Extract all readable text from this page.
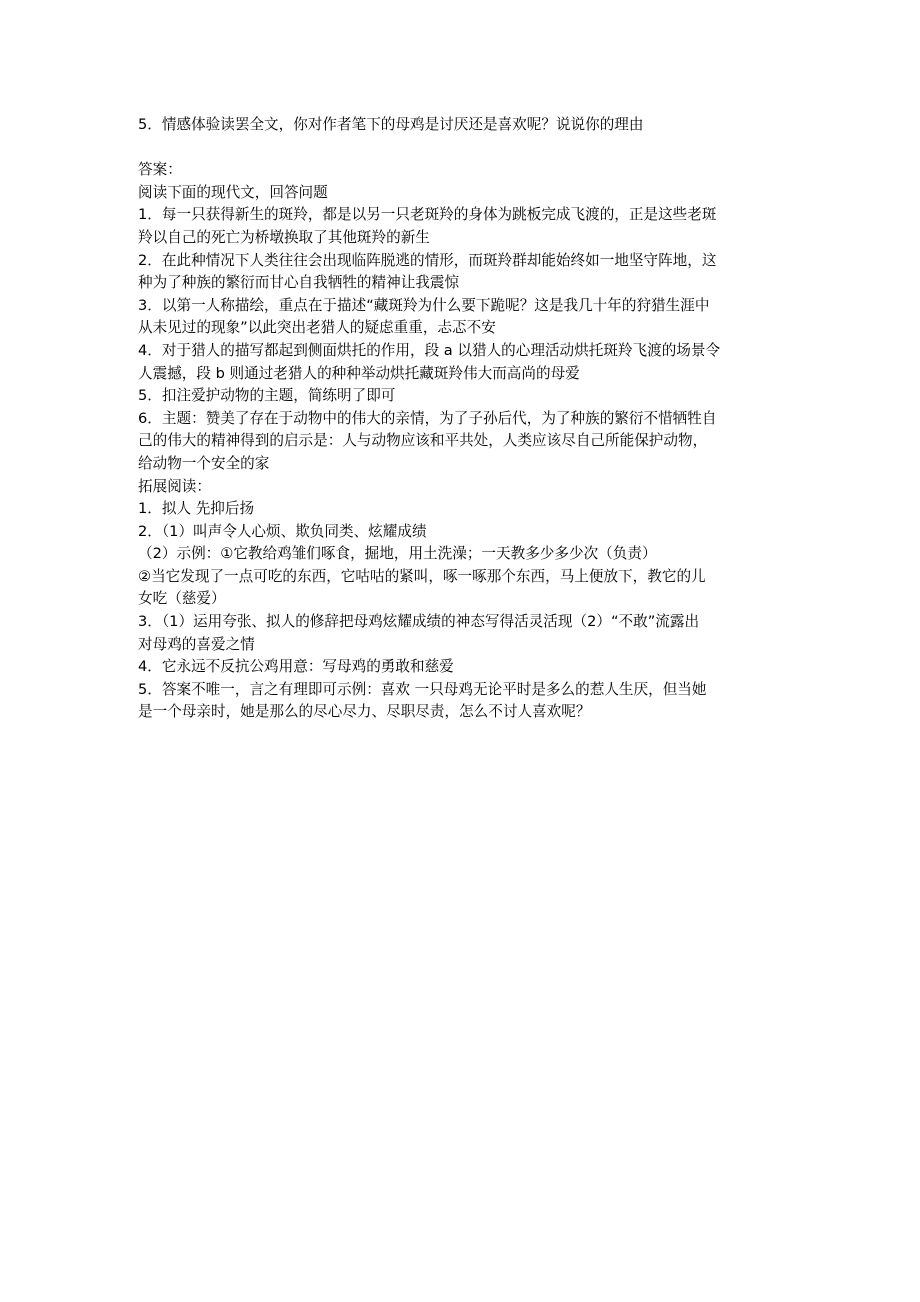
5．情感体验读罢全文，你对作者笔下的母鸡是讨厌还是喜欢呢？说说你的理由
答案：
阅读下面的现代文，回答问题
1．每一只获得新生的斑羚，都是以另一只老斑羚的身体为跳板完成飞渡的，正是这些老斑
羚以自己的死亡为桥墩换取了其他斑羚的新生
2．在此种情况下人类往往会出现临阵脱逃的情形，而斑羚群却能始终如一地坚守阵地，这
种为了种族的繁衍而甘心自我牺牲的精神让我震惊
3．以第一人称描绘，重点在于描述“藏斑羚为什么要下跪呢？这是我几十年的狩猎生涯中
从未见过的现象”以此突出老猎人的疑虑重重，忐忑不安
4．对于猎人的描写都起到侧面烘托的作用，段 a 以猎人的心理活动烘托斑羚飞渡的场景令
人震撼，段 b 则通过老猎人的种种举动烘托藏斑羚伟大而高尚的母爱
5．扣注爱护动物的主题，简练明了即可
6．主题：赞美了存在于动物中的伟大的亲情，为了子孙后代，为了种族的繁衍不惜牺牲自
己的伟大的精神得到的启示是：人与动物应该和平共处，人类应该尽自己所能保护动物，
给动物一个安全的家
拓展阅读：
1．拟人 先抑后扬
2．（1）叫声令人心烦、欺负同类、炫耀成绩
（2）示例：①它教给鸡雏们啄食，掘地，用土洗澡；一天教多少多少次（负责）
②当它发现了一点可吃的东西，它咕咕的紧叫，啄一啄那个东西，马上便放下，教它的儿
女吃（慈爱）
3．（1）运用夸张、拟人的修辞把母鸡炫耀成绩的神态写得活灵活现（2）“不敢”流露出
对母鸡的喜爱之情
4．它永远不反抗公鸡用意：写母鸡的勇敢和慈爱
5．答案不唯一，言之有理即可示例：喜欢 一只母鸡无论平时是多么的惹人生厌，但当她
是一个母亲时，她是那么的尽心尽力、尽职尽责，怎么不讨人喜欢呢？
